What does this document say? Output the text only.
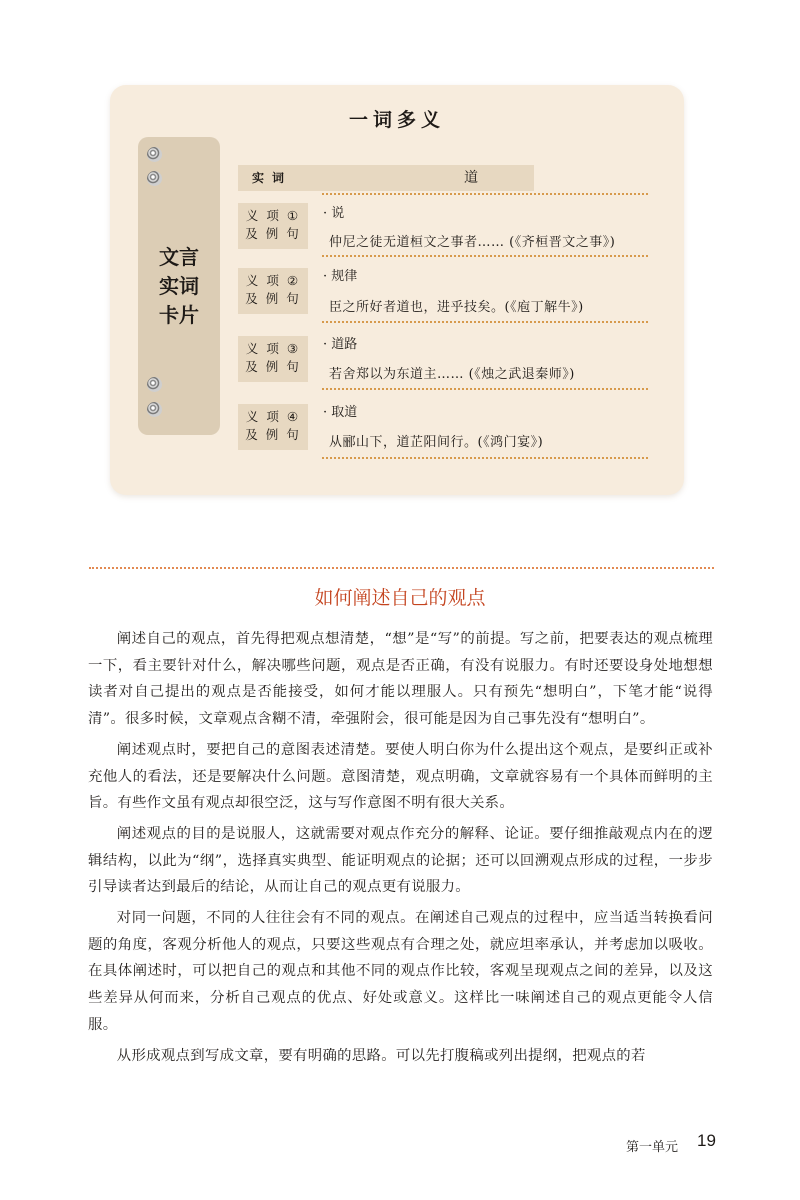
一词多义
文言
实词
卡片
实词	道
义 项 ①
及 例 句
· 说
仲尼之徒无道桓文之事者…… (《齐桓晋文之事》)
义 项 ②
及 例 句
· 规律
臣之所好者道也，进乎技矣。(《庖丁解牛》)
义 项 ③
及 例 句
· 道路
若舍郑以为东道主…… (《烛之武退秦师》)
义 项 ④
及 例 句
· 取道
从郦山下，道芷阳间行。(《鸿门宴》)
如何阐述自己的观点

阐述自己的观点，首先得把观点想清楚，“想”是“写”的前提。写之前，把要表达的观点梳理一下，看主要针对什么，解决哪些问题，观点是否正确，有没有说服力。有时还要设身处地想想读者对自己提出的观点是否能接受，如何才能以理服人。只有预先“想明白”，下笔才能“说得清”。很多时候，文章观点含糊不清，牵强附会，很可能是因为自己事先没有“想明白”。

阐述观点时，要把自己的意图表述清楚。要使人明白你为什么提出这个观点，是要纠正或补充他人的看法，还是要解决什么问题。意图清楚，观点明确，文章就容易有一个具体而鲜明的主旨。有些作文虽有观点却很空泛，这与写作意图不明有很大关系。

阐述观点的目的是说服人，这就需要对观点作充分的解释、论证。要仔细推敲观点内在的逻辑结构，以此为“纲”，选择真实典型、能证明观点的论据；还可以回溯观点形成的过程，一步步引导读者达到最后的结论，从而让自己的观点更有说服力。

对同一问题，不同的人往往会有不同的观点。在阐述自己观点的过程中，应当适当转换看问题的角度，客观分析他人的观点，只要这些观点有合理之处，就应坦率承认，并考虑加以吸收。在具体阐述时，可以把自己的观点和其他不同的观点作比较，客观呈现观点之间的差异，以及这些差异从何而来，分析自己观点的优点、好处或意义。这样比一味阐述自己的观点更能令人信服。

从形成观点到写成文章，要有明确的思路。可以先打腹稿或列出提纲，把观点的若

第一单元 19
